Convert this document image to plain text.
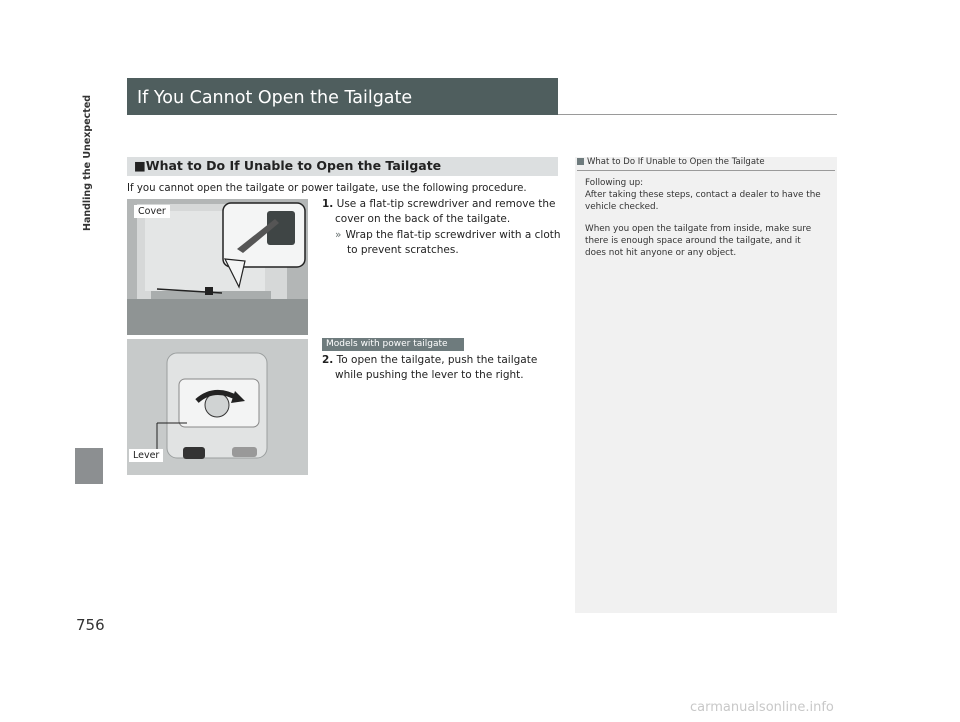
Handling the Unexpected
756
If You Cannot Open the Tailgate
■What to Do If Unable to Open the Tailgate
If you cannot open the tailgate or power tailgate, use the following procedure.
Cover
Lever
1. Use a flat-tip screwdriver and remove the
cover on the back of the tailgate.
» Wrap the flat-tip screwdriver with a cloth
to prevent scratches.
Models with power tailgate
2. To open the tailgate, push the tailgate
while pushing the lever to the right.
What to Do If Unable to Open the Tailgate

Following up:
After taking these steps, contact a dealer to have the
vehicle checked.

When you open the tailgate from inside, make sure
there is enough space around the tailgate, and it
does not hit anyone or any object.

carmanualsonline.info
